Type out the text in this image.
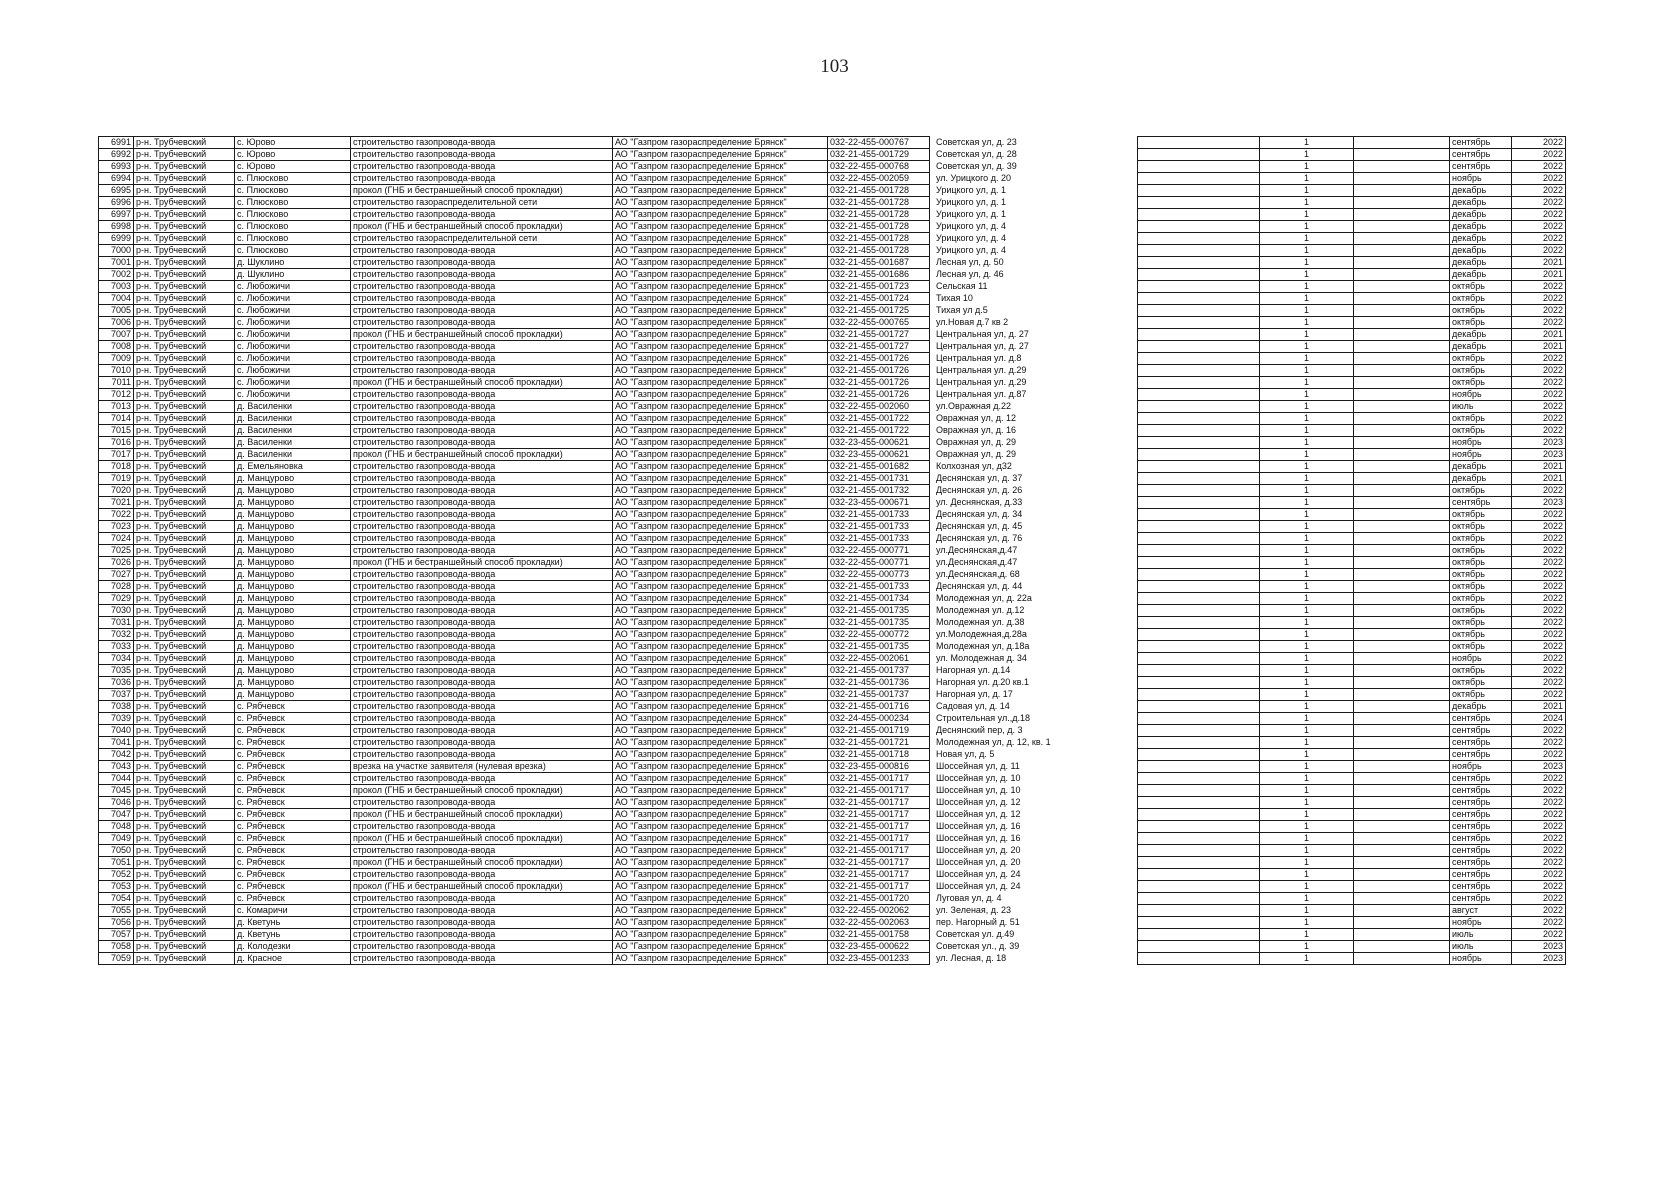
103
6991	р-н. Трубчевский	с. Юрово	строительство газопровода-ввода	АО "Газпром газораспределение Брянск"	032-22-455-000767	Советская ул, д. 23			1		сентябрь	2022
6992	р-н. Трубчевский	с. Юрово	строительство газопровода-ввода	АО "Газпром газораспределение Брянск"	032-21-455-001729	Советская ул, д. 28			1		сентябрь	2022
6993	р-н. Трубчевский	с. Юрово	строительство газопровода-ввода	АО "Газпром газораспределение Брянск"	032-22-455-000768	Советская ул, д. 39			1		сентябрь	2022
6994	р-н. Трубчевский	с. Плюсково	строительство газопровода-ввода	АО "Газпром газораспределение Брянск"	032-22-455-002059	ул. Урицкого д. 20			1		ноябрь	2022
6995	р-н. Трубчевский	с. Плюсково	прокол (ГНБ и бестраншейный способ прокладки)	АО "Газпром газораспределение Брянск"	032-21-455-001728	Урицкого ул, д. 1			1		декабрь	2022
6996	р-н. Трубчевский	с. Плюсково	строительство газораспределительной сети	АО "Газпром газораспределение Брянск"	032-21-455-001728	Урицкого ул, д. 1			1		декабрь	2022
6997	р-н. Трубчевский	с. Плюсково	строительство газопровода-ввода	АО "Газпром газораспределение Брянск"	032-21-455-001728	Урицкого ул, д. 1			1		декабрь	2022
6998	р-н. Трубчевский	с. Плюсково	прокол (ГНБ и бестраншейный способ прокладки)	АО "Газпром газораспределение Брянск"	032-21-455-001728	Урицкого ул, д. 4			1		декабрь	2022
6999	р-н. Трубчевский	с. Плюсково	строительство газораспределительной сети	АО "Газпром газораспределение Брянск"	032-21-455-001728	Урицкого ул, д. 4			1		декабрь	2022
7000	р-н. Трубчевский	с. Плюсково	строительство газопровода-ввода	АО "Газпром газораспределение Брянск"	032-21-455-001728	Урицкого ул, д. 4			1		декабрь	2022
7001	р-н. Трубчевский	д. Шуклино	строительство газопровода-ввода	АО "Газпром газораспределение Брянск"	032-21-455-001687	Лесная ул, д. 50			1		декабрь	2021
7002	р-н. Трубчевский	д. Шуклино	строительство газопровода-ввода	АО "Газпром газораспределение Брянск"	032-21-455-001686	Лесная ул, д. 46			1		декабрь	2021
7003	р-н. Трубчевский	с. Любожичи	строительство газопровода-ввода	АО "Газпром газораспределение Брянск"	032-21-455-001723	Сельская 11			1		октябрь	2022
7004	р-н. Трубчевский	с. Любожичи	строительство газопровода-ввода	АО "Газпром газораспределение Брянск"	032-21-455-001724	Тихая 10			1		октябрь	2022
7005	р-н. Трубчевский	с. Любожичи	строительство газопровода-ввода	АО "Газпром газораспределение Брянск"	032-21-455-001725	Тихая ул д.5			1		октябрь	2022
7006	р-н. Трубчевский	с. Любожичи	строительство газопровода-ввода	АО "Газпром газораспределение Брянск"	032-22-455-000765	ул.Новая д.7 кв 2			1		октябрь	2022
7007	р-н. Трубчевский	с. Любожичи	прокол (ГНБ и бестраншейный способ прокладки)	АО "Газпром газораспределение Брянск"	032-21-455-001727	Центральная ул, д. 27			1		декабрь	2021
7008	р-н. Трубчевский	с. Любожичи	строительство газопровода-ввода	АО "Газпром газораспределение Брянск"	032-21-455-001727	Центральная ул, д. 27			1		декабрь	2021
7009	р-н. Трубчевский	с. Любожичи	строительство газопровода-ввода	АО "Газпром газораспределение Брянск"	032-21-455-001726	Центральная ул. д.8			1		октябрь	2022
7010	р-н. Трубчевский	с. Любожичи	строительство газопровода-ввода	АО "Газпром газораспределение Брянск"	032-21-455-001726	Центральная ул. д.29			1		октябрь	2022
7011	р-н. Трубчевский	с. Любожичи	прокол (ГНБ и бестраншейный способ прокладки)	АО "Газпром газораспределение Брянск"	032-21-455-001726	Центральная ул. д.29			1		октябрь	2022
7012	р-н. Трубчевский	с. Любожичи	строительство газопровода-ввода	АО "Газпром газораспределение Брянск"	032-21-455-001726	Центральная ул. д.87			1		ноябрь	2022
7013	р-н. Трубчевский	д. Василенки	строительство газопровода-ввода	АО "Газпром газораспределение Брянск"	032-22-455-002060	ул.Овражная д.22			1		июль	2022
7014	р-н. Трубчевский	д. Василенки	строительство газопровода-ввода	АО "Газпром газораспределение Брянск"	032-21-455-001722	Овражная ул, д. 12			1		октябрь	2022
7015	р-н. Трубчевский	д. Василенки	строительство газопровода-ввода	АО "Газпром газораспределение Брянск"	032-21-455-001722	Овражная ул, д. 16			1		октябрь	2022
7016	р-н. Трубчевский	д. Василенки	строительство газопровода-ввода	АО "Газпром газораспределение Брянск"	032-23-455-000621	Овражная ул, д. 29			1		ноябрь	2023
7017	р-н. Трубчевский	д. Василенки	прокол (ГНБ и бестраншейный способ прокладки)	АО "Газпром газораспределение Брянск"	032-23-455-000621	Овражная ул, д. 29			1		ноябрь	2023
7018	р-н. Трубчевский	д. Емельяновка	строительство газопровода-ввода	АО "Газпром газораспределение Брянск"	032-21-455-001682	Колхозная ул, д32			1		декабрь	2021
7019	р-н. Трубчевский	д. Манцурово	строительство газопровода-ввода	АО "Газпром газораспределение Брянск"	032-21-455-001731	Деснянская ул, д. 37			1		декабрь	2021
7020	р-н. Трубчевский	д. Манцурово	строительство газопровода-ввода	АО "Газпром газораспределение Брянск"	032-21-455-001732	Деснянская ул, д. 26			1		октябрь	2022
7021	р-н. Трубчевский	д. Манцурово	строительство газопровода-ввода	АО "Газпром газораспределение Брянск"	032-23-455-000671	ул. Деснянская, д.33			1		сентябрь	2023
7022	р-н. Трубчевский	д. Манцурово	строительство газопровода-ввода	АО "Газпром газораспределение Брянск"	032-21-455-001733	Деснянская ул, д. 34			1		октябрь	2022
7023	р-н. Трубчевский	д. Манцурово	строительство газопровода-ввода	АО "Газпром газораспределение Брянск"	032-21-455-001733	Деснянская ул, д. 45			1		октябрь	2022
7024	р-н. Трубчевский	д. Манцурово	строительство газопровода-ввода	АО "Газпром газораспределение Брянск"	032-21-455-001733	Деснянская ул, д. 76			1		октябрь	2022
7025	р-н. Трубчевский	д. Манцурово	строительство газопровода-ввода	АО "Газпром газораспределение Брянск"	032-22-455-000771	ул.Деснянская,д.47			1		октябрь	2022
7026	р-н. Трубчевский	д. Манцурово	прокол (ГНБ и бестраншейный способ прокладки)	АО "Газпром газораспределение Брянск"	032-22-455-000771	ул.Деснянская,д.47			1		октябрь	2022
7027	р-н. Трубчевский	д. Манцурово	строительство газопровода-ввода	АО "Газпром газораспределение Брянск"	032-22-455-000773	ул.Деснянская,д. 68			1		октябрь	2022
7028	р-н. Трубчевский	д. Манцурово	строительство газопровода-ввода	АО "Газпром газораспределение Брянск"	032-21-455-001733	Деснянская ул, д. 44			1		октябрь	2022
7029	р-н. Трубчевский	д. Манцурово	строительство газопровода-ввода	АО "Газпром газораспределение Брянск"	032-21-455-001734	Молодежная ул, д. 22а			1		октябрь	2022
7030	р-н. Трубчевский	д. Манцурово	строительство газопровода-ввода	АО "Газпром газораспределение Брянск"	032-21-455-001735	Молодежная ул. д.12			1		октябрь	2022
7031	р-н. Трубчевский	д. Манцурово	строительство газопровода-ввода	АО "Газпром газораспределение Брянск"	032-21-455-001735	Молодежная ул. д.38			1		октябрь	2022
7032	р-н. Трубчевский	д. Манцурово	строительство газопровода-ввода	АО "Газпром газораспределение Брянск"	032-22-455-000772	ул.Молодежная,д.28а			1		октябрь	2022
7033	р-н. Трубчевский	д. Манцурово	строительство газопровода-ввода	АО "Газпром газораспределение Брянск"	032-21-455-001735	Молодежная ул, д.18а			1		октябрь	2022
7034	р-н. Трубчевский	д. Манцурово	строительство газопровода-ввода	АО "Газпром газораспределение Брянск"	032-22-455-002061	ул. Молодежная д. 34			1		ноябрь	2022
7035	р-н. Трубчевский	д. Манцурово	строительство газопровода-ввода	АО "Газпром газораспределение Брянск"	032-21-455-001737	Нагорная ул. д.14			1		октябрь	2022
7036	р-н. Трубчевский	д. Манцурово	строительство газопровода-ввода	АО "Газпром газораспределение Брянск"	032-21-455-001736	Нагорная ул. д.20 кв.1			1		октябрь	2022
7037	р-н. Трубчевский	д. Манцурово	строительство газопровода-ввода	АО "Газпром газораспределение Брянск"	032-21-455-001737	Нагорная ул, д. 17			1		октябрь	2022
7038	р-н. Трубчевский	с. Рябчевск	строительство газопровода-ввода	АО "Газпром газораспределение Брянск"	032-21-455-001716	Садовая ул, д. 14			1		декабрь	2021
7039	р-н. Трубчевский	с. Рябчевск	строительство газопровода-ввода	АО "Газпром газораспределение Брянск"	032-24-455-000234	Строительная ул.,д.18			1		сентябрь	2024
7040	р-н. Трубчевский	с. Рябчевск	строительство газопровода-ввода	АО "Газпром газораспределение Брянск"	032-21-455-001719	Деснянский пер, д. 3			1		сентябрь	2022
7041	р-н. Трубчевский	с. Рябчевск	строительство газопровода-ввода	АО "Газпром газораспределение Брянск"	032-21-455-001721	Молодежная ул, д. 12, кв. 1			1		сентябрь	2022
7042	р-н. Трубчевский	с. Рябчевск	строительство газопровода-ввода	АО "Газпром газораспределение Брянск"	032-21-455-001718	Новая ул, д. 5			1		сентябрь	2022
7043	р-н. Трубчевский	с. Рябчевск	врезка на участке заявителя (нулевая врезка)	АО "Газпром газораспределение Брянск"	032-23-455-000816	Шоссейная ул, д. 11			1		ноябрь	2023
7044	р-н. Трубчевский	с. Рябчевск	строительство газопровода-ввода	АО "Газпром газораспределение Брянск"	032-21-455-001717	Шоссейная ул, д. 10			1		сентябрь	2022
7045	р-н. Трубчевский	с. Рябчевск	прокол (ГНБ и бестраншейный способ прокладки)	АО "Газпром газораспределение Брянск"	032-21-455-001717	Шоссейная ул, д. 10			1		сентябрь	2022
7046	р-н. Трубчевский	с. Рябчевск	строительство газопровода-ввода	АО "Газпром газораспределение Брянск"	032-21-455-001717	Шоссейная ул, д. 12			1		сентябрь	2022
7047	р-н. Трубчевский	с. Рябчевск	прокол (ГНБ и бестраншейный способ прокладки)	АО "Газпром газораспределение Брянск"	032-21-455-001717	Шоссейная ул, д. 12			1		сентябрь	2022
7048	р-н. Трубчевский	с. Рябчевск	строительство газопровода-ввода	АО "Газпром газораспределение Брянск"	032-21-455-001717	Шоссейная ул, д. 16			1		сентябрь	2022
7049	р-н. Трубчевский	с. Рябчевск	прокол (ГНБ и бестраншейный способ прокладки)	АО "Газпром газораспределение Брянск"	032-21-455-001717	Шоссейная ул, д. 16			1		сентябрь	2022
7050	р-н. Трубчевский	с. Рябчевск	строительство газопровода-ввода	АО "Газпром газораспределение Брянск"	032-21-455-001717	Шоссейная ул, д. 20			1		сентябрь	2022
7051	р-н. Трубчевский	с. Рябчевск	прокол (ГНБ и бестраншейный способ прокладки)	АО "Газпром газораспределение Брянск"	032-21-455-001717	Шоссейная ул, д. 20			1		сентябрь	2022
7052	р-н. Трубчевский	с. Рябчевск	строительство газопровода-ввода	АО "Газпром газораспределение Брянск"	032-21-455-001717	Шоссейная ул, д. 24			1		сентябрь	2022
7053	р-н. Трубчевский	с. Рябчевск	прокол (ГНБ и бестраншейный способ прокладки)	АО "Газпром газораспределение Брянск"	032-21-455-001717	Шоссейная ул, д. 24			1		сентябрь	2022
7054	р-н. Трубчевский	с. Рябчевск	строительство газопровода-ввода	АО "Газпром газораспределение Брянск"	032-21-455-001720	Луговая ул, д. 4			1		сентябрь	2022
7055	р-н. Трубчевский	с. Комаричи	строительство газопровода-ввода	АО "Газпром газораспределение Брянск"	032-22-455-002062	ул. Зеленая, д. 23			1		август	2022
7056	р-н. Трубчевский	д. Кветунь	строительство газопровода-ввода	АО "Газпром газораспределение Брянск"	032-22-455-002063	пер. Нагорный д. 51			1		ноябрь	2022
7057	р-н. Трубчевский	д. Кветунь	строительство газопровода-ввода	АО "Газпром газораспределение Брянск"	032-21-455-001758	Советская ул. д.49			1		июль	2022
7058	р-н. Трубчевский	д. Колодезки	строительство газопровода-ввода	АО "Газпром газораспределение Брянск"	032-23-455-000622	Советская ул., д. 39			1		июль	2023
7059	р-н. Трубчевский	д. Красное	строительство газопровода-ввода	АО "Газпром газораспределение Брянск"	032-23-455-001233	ул. Лесная, д. 18			1		ноябрь	2023
